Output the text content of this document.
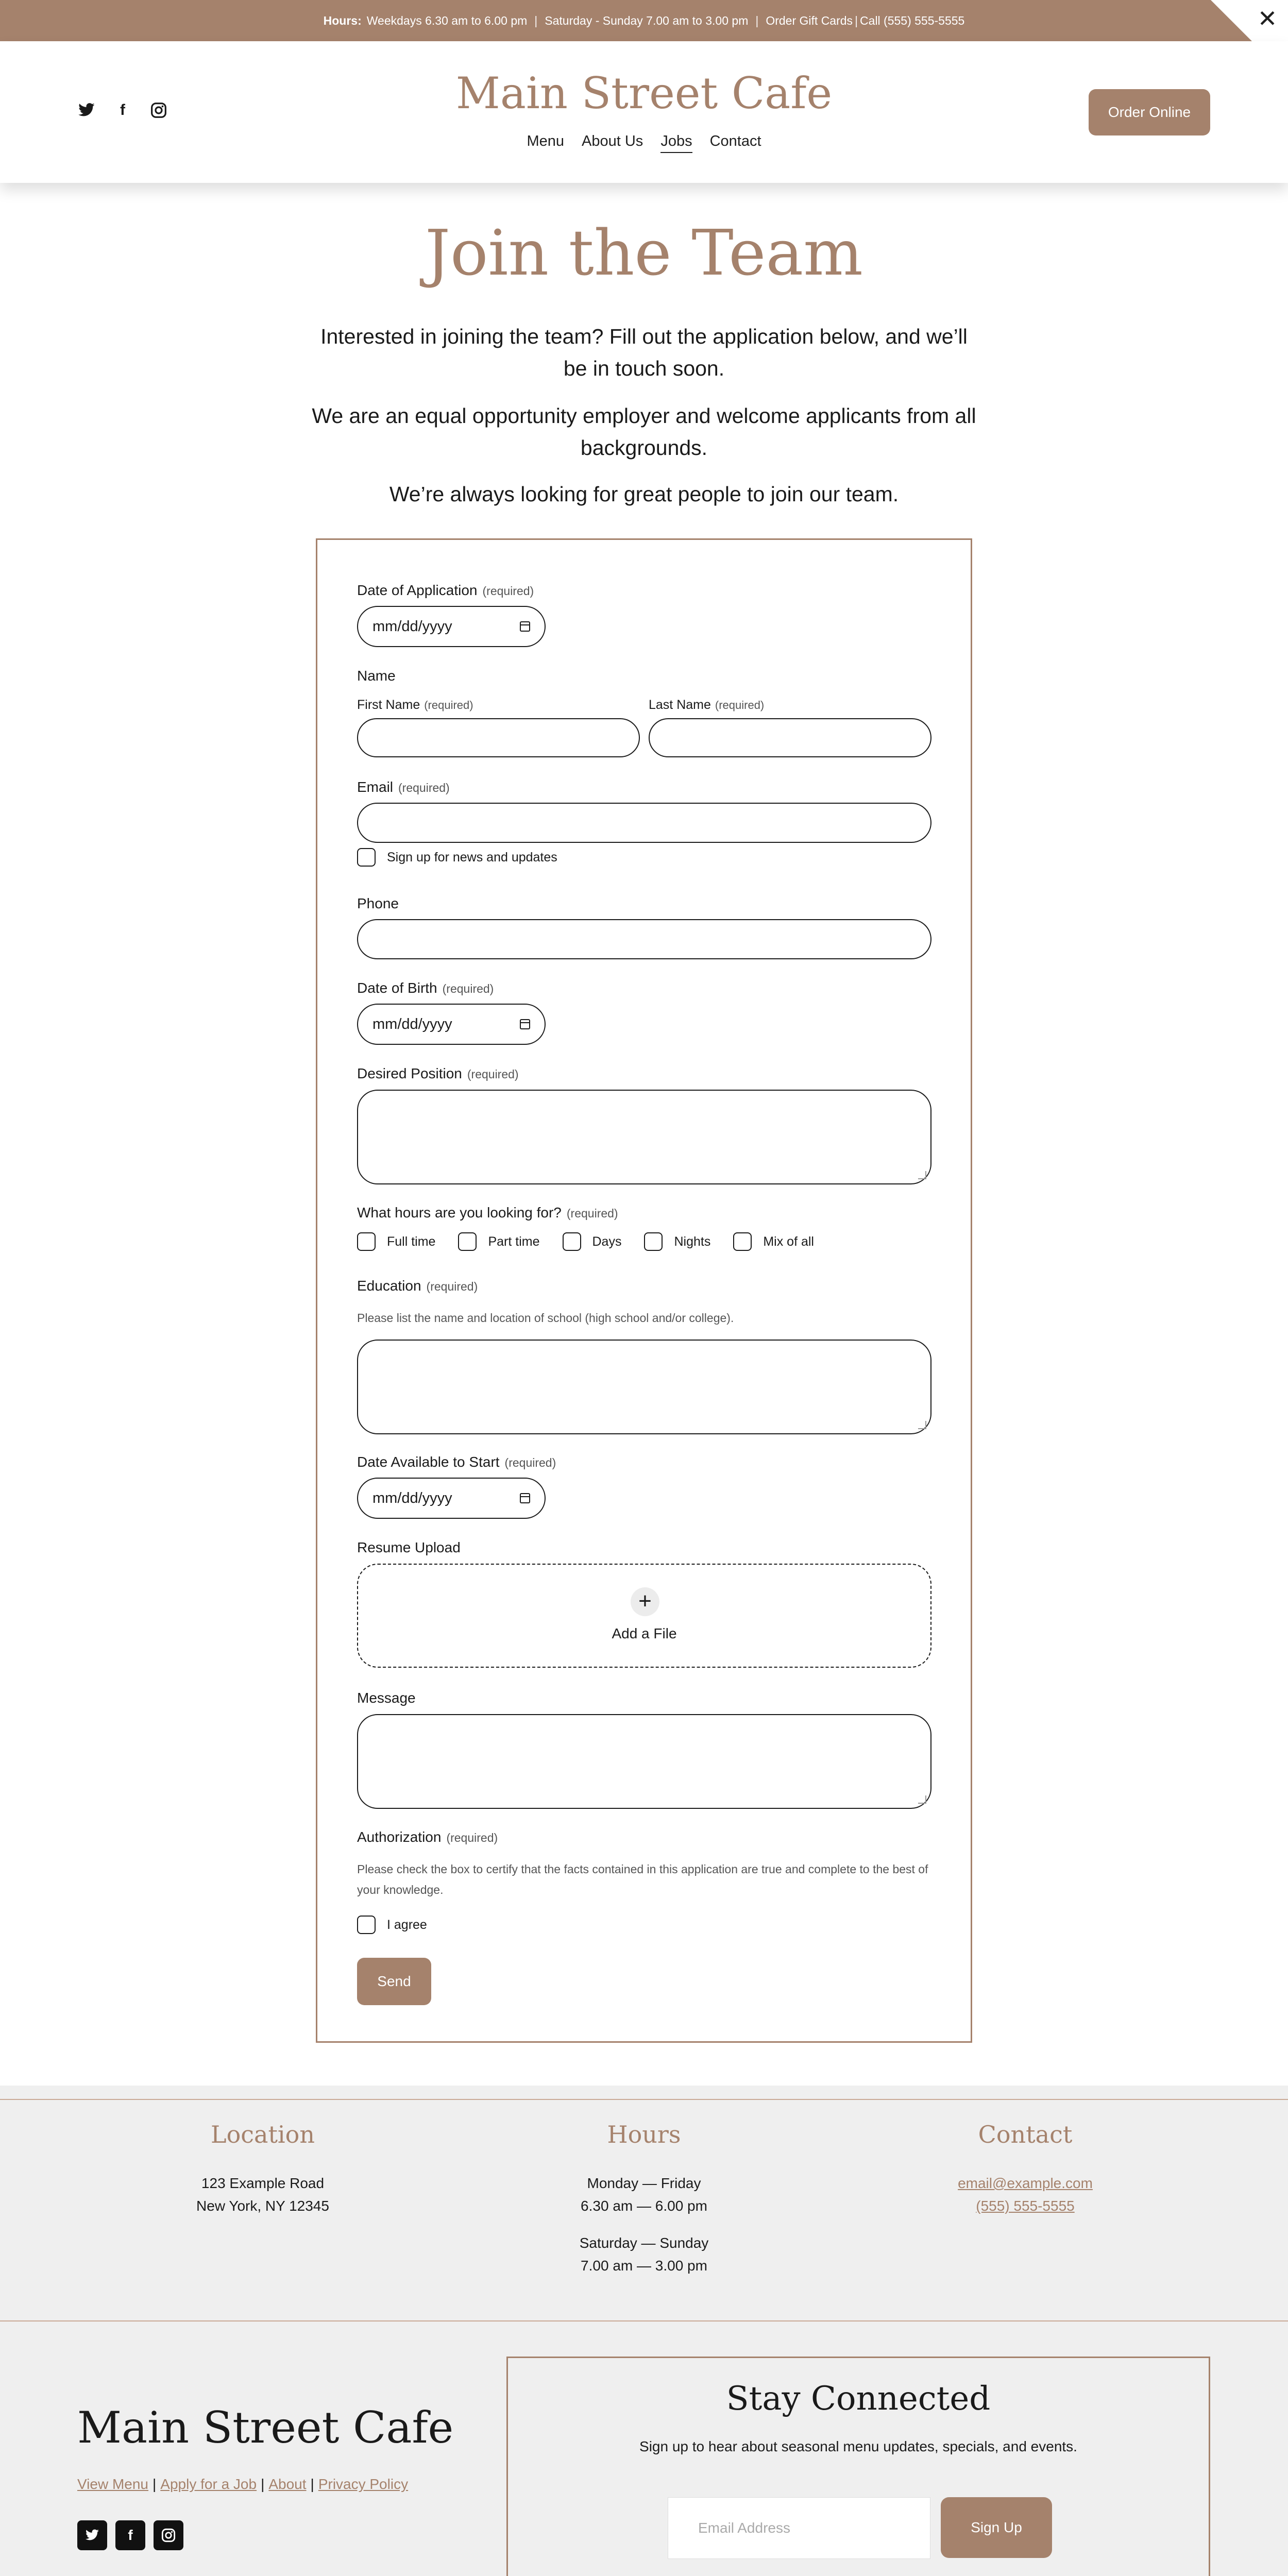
Hours: Weekdays 6.30 am to 6.00 pm | Saturday - Sunday 7.00 am to 3.00 pm | Order Gift Cards | Call (555) 555-5555	✕
f	Main Street Cafe
Menu About Us Jobs Contact
Order Online
Join the Team
Interested in joining the team? Fill out the application below, and we’ll be in touch soon.
We are an equal opportunity employer and welcome applicants from all backgrounds.
We’re always looking for great people to join our team.
Date of Application (required)
mm/dd/yyyy
Name
First Name (required)	Last Name (required)
Email (required)
Sign up for news and updates
Phone
Date of Birth (required)
mm/dd/yyyy
Desired Position (required)
What hours are you looking for? (required)
Full time	Part time	Days	Nights	Mix of all
Education (required)
Please list the name and location of school (high school and/or college).
Date Available to Start (required)
mm/dd/yyyy
Resume Upload
+
Add a File
Message
Authorization (required)
Please check the box to certify that the facts contained in this application are true and complete to the best of your knowledge.
I agree
Send
Location

123 Example Road

New York, NY 12345

Hours

Monday — Friday

6.30 am — 6.00 pm

Saturday — Sunday

7.00 am — 3.00 pm

Contact
email@example.com
(555) 555-5555
Main Street Cafe
View Menu | Apply for a Job | About | Privacy Policy
f
Stay Connected
Sign up to hear about seasonal menu updates, specials, and events.
Email Address	Sign Up
